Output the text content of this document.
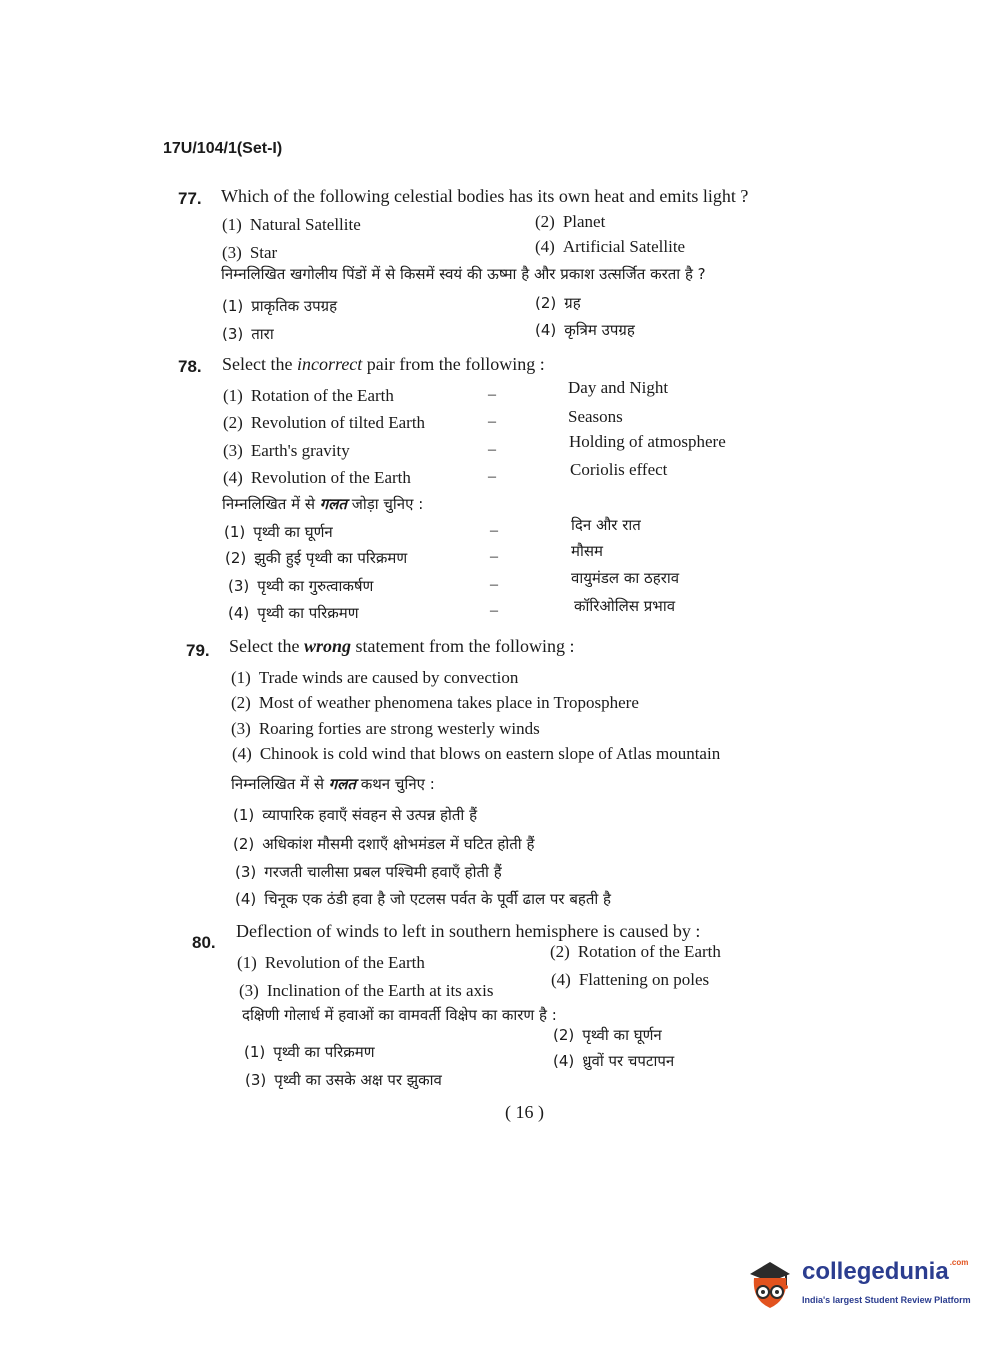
17U/104/1(Set-I)
77. Which of the following celestial bodies has its own heat and emits light ?
(1) Natural Satellite	(2) Planet
(3) Star	(4) Artificial Satellite
निम्नलिखित खगोलीय पिंडों में से किसमें स्वयं की ऊष्मा है और प्रकाश उत्सर्जित करता है ?
(1) प्राकृतिक उपग्रह	(2) ग्रह
(3) तारा	(4) कृत्रिम उपग्रह
78. Select the incorrect pair from the following :
(1) Rotation of the Earth	–	Day and Night
(2) Revolution of tilted Earth	–	Seasons
(3) Earth's gravity	–	Holding of atmosphere
(4) Revolution of the Earth	–	Coriolis effect
निम्नलिखित में से गलत जोड़ा चुनिए :
(1) पृथ्वी का घूर्णन	–	दिन और रात
(2) झुकी हुई पृथ्वी का परिक्रमण	–	मौसम
(3) पृथ्वी का गुरुत्वाकर्षण	–	वायुमंडल का ठहराव
(4) पृथ्वी का परिक्रमण	–	कॉरिओलिस प्रभाव
79. Select the wrong statement from the following :
(1) Trade winds are caused by convection
(2) Most of weather phenomena takes place in Troposphere
(3) Roaring forties are strong westerly winds
(4) Chinook is cold wind that blows on eastern slope of Atlas mountain
निम्नलिखित में से गलत कथन चुनिए :
(1) व्यापारिक हवाएँ संवहन से उत्पन्न होती हैं
(2) अधिकांश मौसमी दशाएँ क्षोभमंडल में घटित होती हैं
(3) गरजती चालीसा प्रबल पश्चिमी हवाएँ होती हैं
(4) चिनूक एक ठंडी हवा है जो एटलस पर्वत के पूर्वी ढाल पर बहती है
80.
Deflection of winds to left in southern hemisphere is caused by :
(1) Revolution of the Earth
(2) Rotation of the Earth
(3) Inclination of the Earth at its axis
(4) Flattening on poles
दक्षिणी गोलार्ध में हवाओं का वामवर्ती विक्षेप का कारण है :
(1) पृथ्वी का परिक्रमण
(2) पृथ्वी का घूर्णन
(3) पृथ्वी का उसके अक्ष पर झुकाव
(4) ध्रुवों पर चपटापन
( 16 )
collegedunia$^{.com}$
India's largest Student Review Platform
